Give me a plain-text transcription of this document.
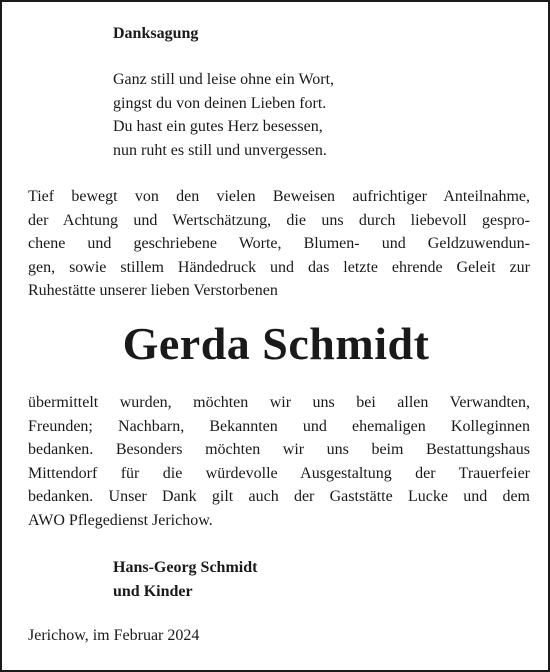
Danksagung
Ganz still und leise ohne ein Wort,
gingst du von deinen Lieben fort.
Du hast ein gutes Herz besessen,
nun ruht es still und unvergessen.
Tief bewegt von den vielen Beweisen aufrichtiger Anteilnahme,
der Achtung und Wertschätzung, die uns durch liebevoll gespro-
chene und geschriebene Worte, Blumen- und Geldzuwendun-
gen, sowie stillem Händedruck und das letzte ehrende Geleit zur
Ruhestätte unserer lieben Verstorbenen
Gerda Schmidt
übermittelt wurden, möchten wir uns bei allen Verwandten,
Freunden; Nachbarn, Bekannten und ehemaligen Kolleginnen
bedanken. Besonders möchten wir uns beim Bestattungshaus
Mittendorf für die würdevolle Ausgestaltung der Trauerfeier
bedanken. Unser Dank gilt auch der Gaststätte Lucke und dem
AWO Pflegedienst Jerichow.
Hans-Georg Schmidt
und Kinder
Jerichow, im Februar 2024
